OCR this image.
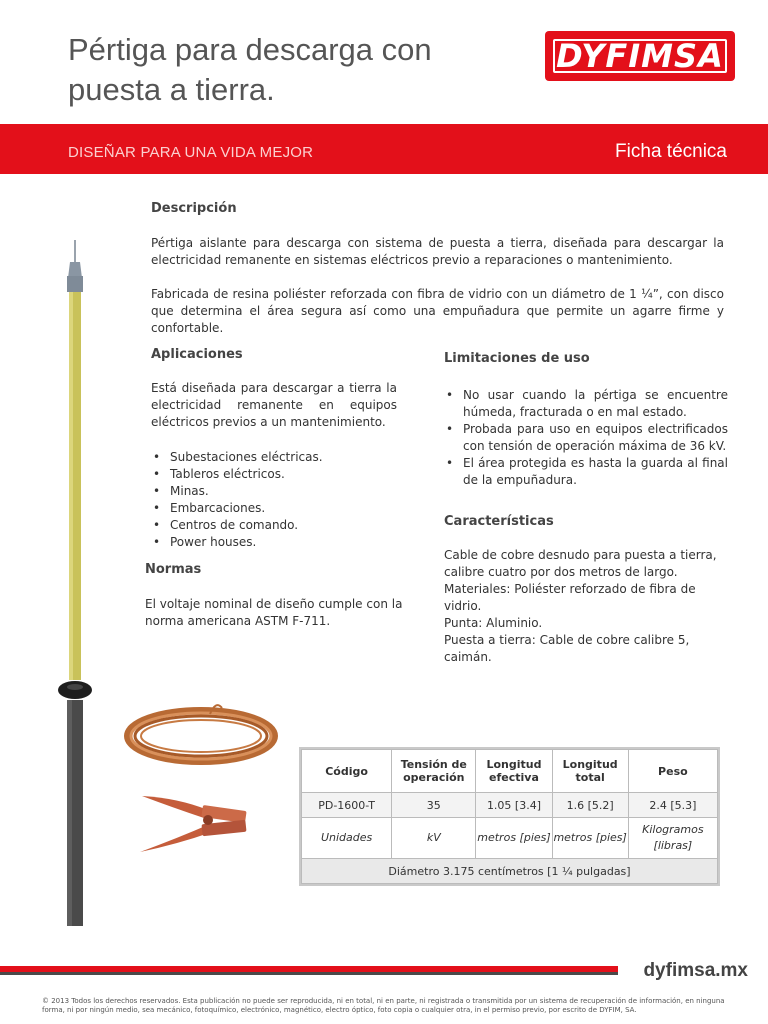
Pértiga para descarga con puesta a tierra.
DYFIMSA
DISEÑAR PARA UNA VIDA MEJOR	Ficha técnica
Descripción
Pértiga aislante para descarga con sistema de puesta a tierra, diseñada para descargar la electricidad remanente en sistemas eléctricos previo a reparaciones o mantenimiento.
Fabricada de resina poliéster reforzada con fibra de vidrio con un diámetro de 1 ¼”, con disco que determina el área segura así como una empuñadura que permite un agarre firme y confortable.
Aplicaciones
Está diseñada para descargar a tierra la electricidad remanente en equipos eléctricos previos a un mantenimiento.
• Subestaciones eléctricas.
• Tableros eléctricos.
• Minas.
• Embarcaciones.
• Centros de comando.
• Power houses.
Normas
El voltaje nominal de diseño cumple con la norma americana ASTM F-711.
Limitaciones de uso
• No usar cuando la pértiga se encuentre húmeda, fracturada o en mal estado.
• Probada para uso en equipos electrificados con tensión de operación máxima de 36 kV.
• El área protegida es hasta la guarda al final de la empuñadura.
Características
Cable de cobre desnudo para puesta a tierra, calibre cuatro por dos metros de largo.
Materiales: Poliéster reforzado de fibra de vidrio.
Punta: Aluminio.
Puesta a tierra: Cable de cobre calibre 5, caimán.
Código	Tensión de operación	Longitud efectiva	Longitud total	Peso
PD-1600-T	35	1.05 [3.4]	1.6 [5.2]	2.4 [5.3]
Unidades	kV	metros [pies]	metros [pies]	Kilogramos [libras]
Diámetro 3.175 centímetros [1 ¼ pulgadas]				
dyfimsa.mx
© 2013 Todos los derechos reservados. Esta publicación no puede ser reproducida, ni en total, ni en parte, ni registrada o transmitida por un sistema de recuperación de información, en ninguna forma, ni por ningún medio, sea mecánico, fotoquímico, electrónico, magnético, electro óptico, foto copia o cualquier otra, in el permiso previo, por escrito de DYFIM, SA.
